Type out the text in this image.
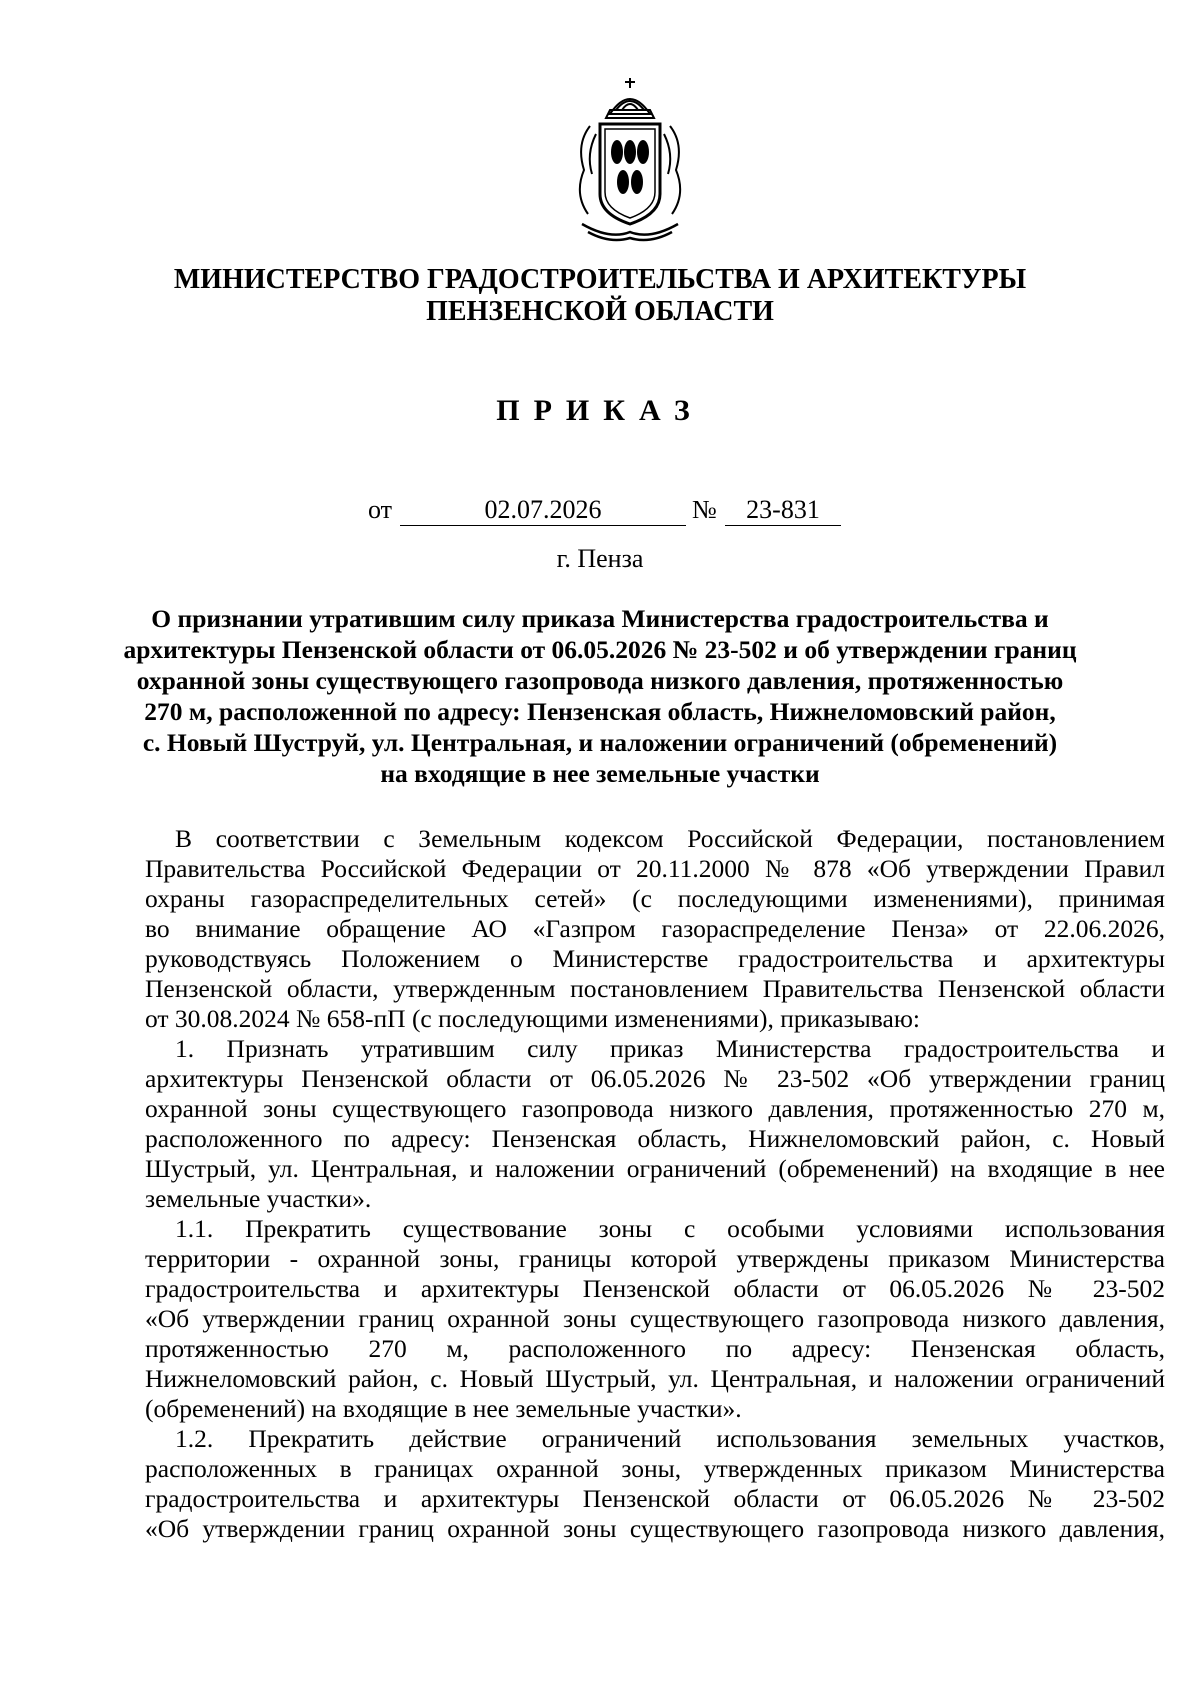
МИНИСТЕРСТВО ГРАДОСТРОИТЕЛЬСТВА И АРХИТЕКТУРЫ
ПЕНЗЕНСКОЙ ОБЛАСТИ
ПРИКАЗ
от	02.07.2026	№	23-831
г. Пенза
О признании утратившим силу приказа Министерства градостроительства и
архитектуры Пензенской области от 06.05.2026 № 23-502 и об утверждении границ
охранной зоны существующего газопровода низкого давления, протяженностью
270 м, расположенной по адресу: Пензенская область, Нижнеломовский район,
с. Новый Шуструй, ул. Центральная, и наложении ограничений (обременений)
на входящие в нее земельные участки
В соответствии с Земельным кодексом Российской Федерации, постановлением
Правительства Российской Федерации от 20.11.2000 № 878 «Об утверждении Правил
охраны газораспределительных сетей» (с последующими изменениями), принимая
во внимание обращение АО «Газпром газораспределение Пенза» от 22.06.2026,
руководствуясь Положением о Министерстве градостроительства и архитектуры
Пензенской области, утвержденным постановлением Правительства Пензенской области
от 30.08.2024 № 658-пП (с последующими изменениями), приказываю:
1. Признать утратившим силу приказ Министерства градостроительства и
архитектуры Пензенской области от 06.05.2026 № 23-502 «Об утверждении границ
охранной зоны существующего газопровода низкого давления, протяженностью 270 м,
расположенного по адресу: Пензенская область, Нижнеломовский район, с. Новый
Шустрый, ул. Центральная, и наложении ограничений (обременений) на входящие в нее
земельные участки».
1.1. Прекратить существование зоны с особыми условиями использования
территории - охранной зоны, границы которой утверждены приказом Министерства
градостроительства и архитектуры Пензенской области от 06.05.2026 № 23-502
«Об утверждении границ охранной зоны существующего газопровода низкого давления,
протяженностью 270 м, расположенного по адресу: Пензенская область,
Нижнеломовский район, с. Новый Шустрый, ул. Центральная, и наложении ограничений
(обременений) на входящие в нее земельные участки».
1.2. Прекратить действие ограничений использования земельных участков,
расположенных в границах охранной зоны, утвержденных приказом Министерства
градостроительства и архитектуры Пензенской области от 06.05.2026 № 23-502
«Об утверждении границ охранной зоны существующего газопровода низкого давления,
